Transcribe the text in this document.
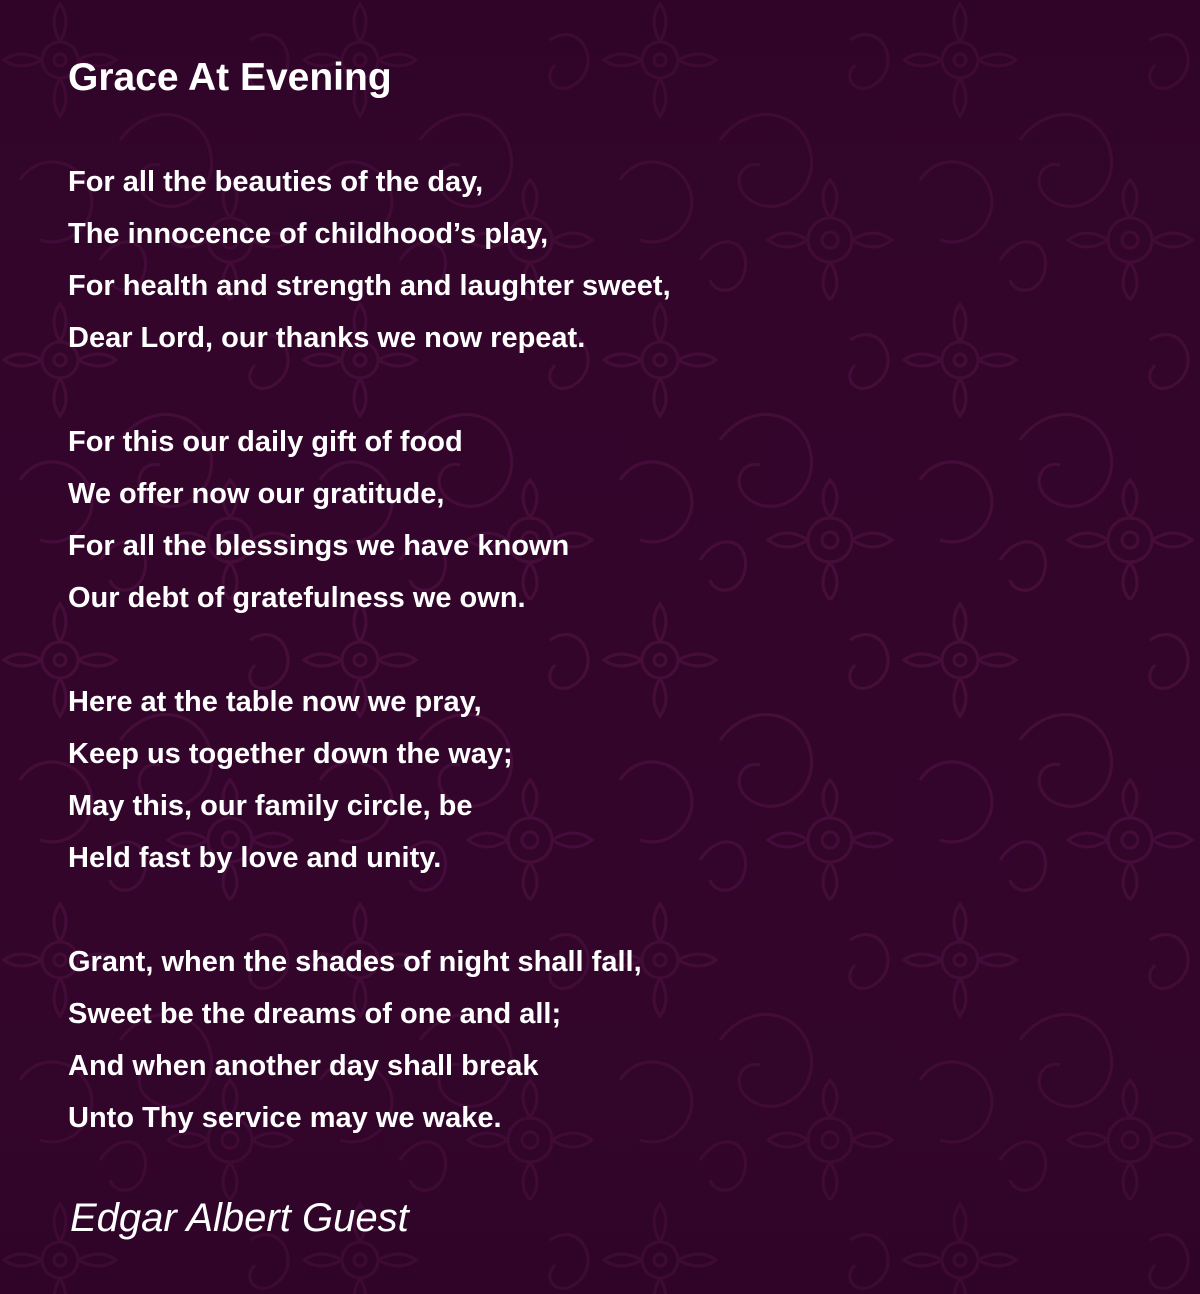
Grace At Evening
For all the beauties of the day,
The innocence of childhood’s play,
For health and strength and laughter sweet,
Dear Lord, our thanks we now repeat.
For this our daily gift of food
We offer now our gratitude,
For all the blessings we have known
Our debt of gratefulness we own.
Here at the table now we pray,
Keep us together down the way;
May this, our family circle, be
Held fast by love and unity.
Grant, when the shades of night shall fall,
Sweet be the dreams of one and all;
And when another day shall break
Unto Thy service may we wake.

Edgar Albert Guest
